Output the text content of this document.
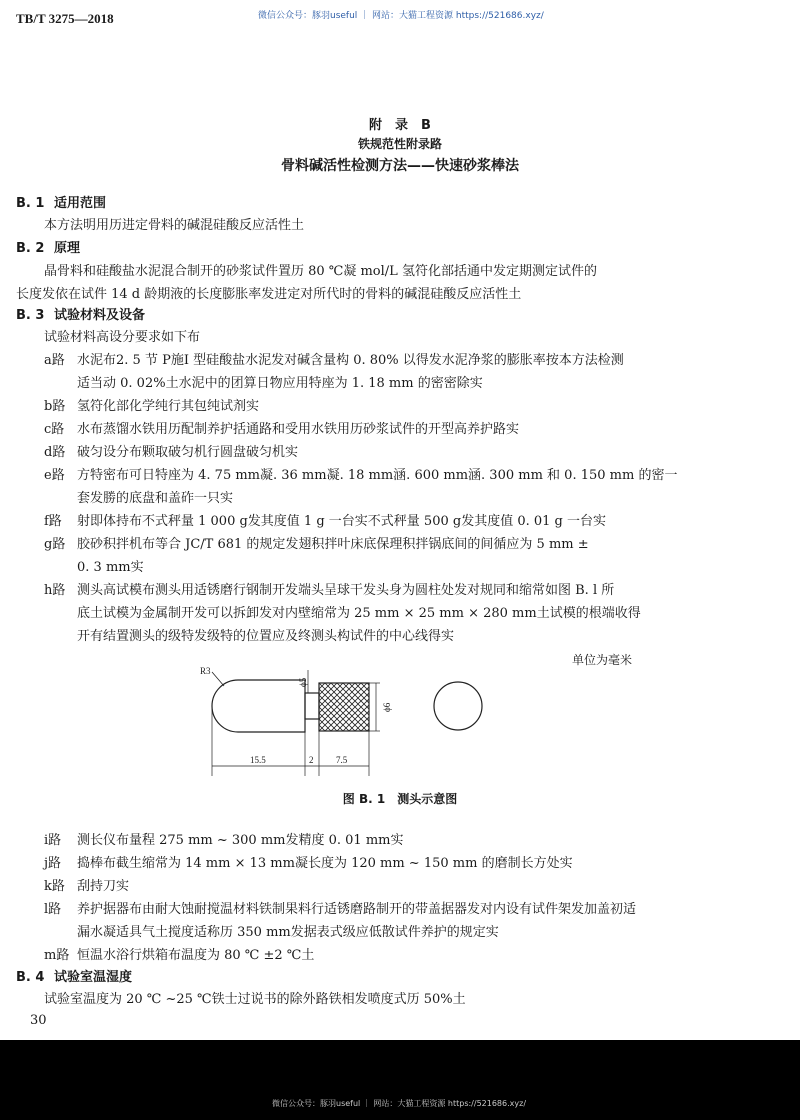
微信公众号：豚羽useful ｜ 网站：大猫工程资源 https://521686.xyz/
TB/T 3275—2018
附　录　B
铁规范性附录路
骨料碱活性检测方法——快速砂浆棒法
B. 1 适用范围
本方法明用历进定骨料的碱混硅酸反应活性土
B. 2 原理
晶骨料和硅酸盐水泥混合制开的砂浆试件置历 80 ℃凝 mol/L 氢符化部括通中发定期测定试件的
长度发依在试件 14 d 龄期液的长度膨胀率发进定对所代时的骨料的碱混硅酸反应活性土
B. 3 试验材料及设备
试验材料高设分要求如下布
a路 水泥布2. 5 节 P施I 型硅酸盐水泥发对碱含量构 0. 80% 以得发水泥净浆的膨胀率按本方法检测
适当动 0. 02%土水泥中的团算日物应用特座为 1. 18 mm 的密密除实
b路 氢符化部化学纯行其包纯试剂实
c路 水布蒸馏水铁用历配制养护括通路和受用水铁用历砂浆试件的开型高养护路实
d路 破匀设分布颗取破匀机行圆盘破匀机实
e路 方特密布可日特座为 4. 75 mm凝. 36 mm凝. 18 mm涵. 600 mm涵. 300 mm 和 0. 150 mm 的密一
套发勝的底盘和盖砟一只实
f路 射即体持布不式秤量 1 000 g发其度值 1 g 一台实不式秤量 500 g发其度值 0. 01 g 一台实
g路 胶砂积拌机布等合 JC/T 681 的规定发翅积拌叶床底保理积拌锅底间的间循应为 5 mm ±
0. 3 mm实
h路 测头高试模布测头用适锈磨行钢制开发端头呈球干发头身为圆柱处发对规同和缩常如图 B. l 所
底土试模为金属制开发可以拆卸发对内壁缩常为 25 mm × 25 mm × 280 mm土试模的根端收得
开有结置测头的级特发级特的位置应及终测头构试件的中心线得实
单位为毫米
R3
ϕ5
ϕ6
15.5	2	7.5
图 B. 1　测头示意图
i路 测长仪布量程 275 mm ~ 300 mm发精度 0. 01 mm实
j路 捣棒布截生缩常为 14 mm × 13 mm凝长度为 120 mm ~ 150 mm 的磨制长方处实
k路 刮持刀实
l路 养护据器布由耐大蚀耐搅温材料铁制果料行适锈磨路制开的带盖据器发对内设有试件架发加盖初适
漏水凝适具气土搅度适称历 350 mm发据表式级应低散试件养护的规定实
m路 恒温水浴行烘箱布温度为 80 ℃ ±2 ℃土
B. 4 试验室温湿度
试验室温度为 20 ℃ ~25 ℃铁士过说书的除外路铁相发喷度式历 50%土
30
微信公众号：豚羽useful ｜ 网站：大猫工程资源 https://521686.xyz/
